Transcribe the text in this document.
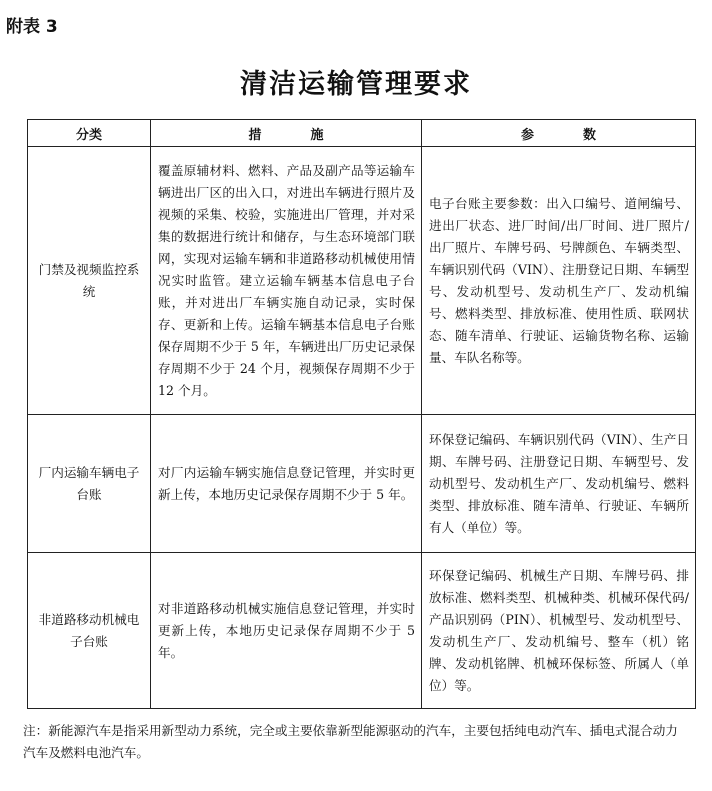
附表 3
清洁运输管理要求
分类	措　施	参　数
门禁及视频监控系统	覆盖原辅材料、燃料、产品及副产品等运输车辆进出厂区的出入口，对进出车辆进行照片及视频的采集、校验，实施进出厂管理，并对采集的数据进行统计和储存，与生态环境部门联网，实现对运输车辆和非道路移动机械使用情况实时监管。建立运输车辆基本信息电子台账，并对进出厂车辆实施自动记录，实时保存、更新和上传。运输车辆基本信息电子台账保存周期不少于 5 年，车辆进出厂历史记录保存周期不少于 24 个月，视频保存周期不少于 12 个月。	电子台账主要参数：出入口编号、道闸编号、进出厂状态、进厂时间/出厂时间、进厂照片/出厂照片、车牌号码、号牌颜色、车辆类型、车辆识别代码（VIN）、注册登记日期、车辆型号、发动机型号、发动机生产厂、发动机编号、燃料类型、排放标准、使用性质、联网状态、随车清单、行驶证、运输货物名称、运输量、车队名称等。
厂内运输车辆电子台账	对厂内运输车辆实施信息登记管理，并实时更新上传，本地历史记录保存周期不少于 5 年。	环保登记编码、车辆识别代码（VIN）、生产日期、车牌号码、注册登记日期、车辆型号、发动机型号、发动机生产厂、发动机编号、燃料类型、排放标准、随车清单、行驶证、车辆所有人（单位）等。
非道路移动机械电子台账	对非道路移动机械实施信息登记管理，并实时更新上传，本地历史记录保存周期不少于 5 年。	环保登记编码、机械生产日期、车牌号码、排放标准、燃料类型、机械种类、机械环保代码/产品识别码（PIN）、机械型号、发动机型号、发动机生产厂、发动机编号、整车（机）铭牌、发动机铭牌、机械环保标签、所属人（单位）等。
注：新能源汽车是指采用新型动力系统，完全或主要依靠新型能源驱动的汽车，主要包括纯电动汽车、插电式混合动力汽车及燃料电池汽车。
